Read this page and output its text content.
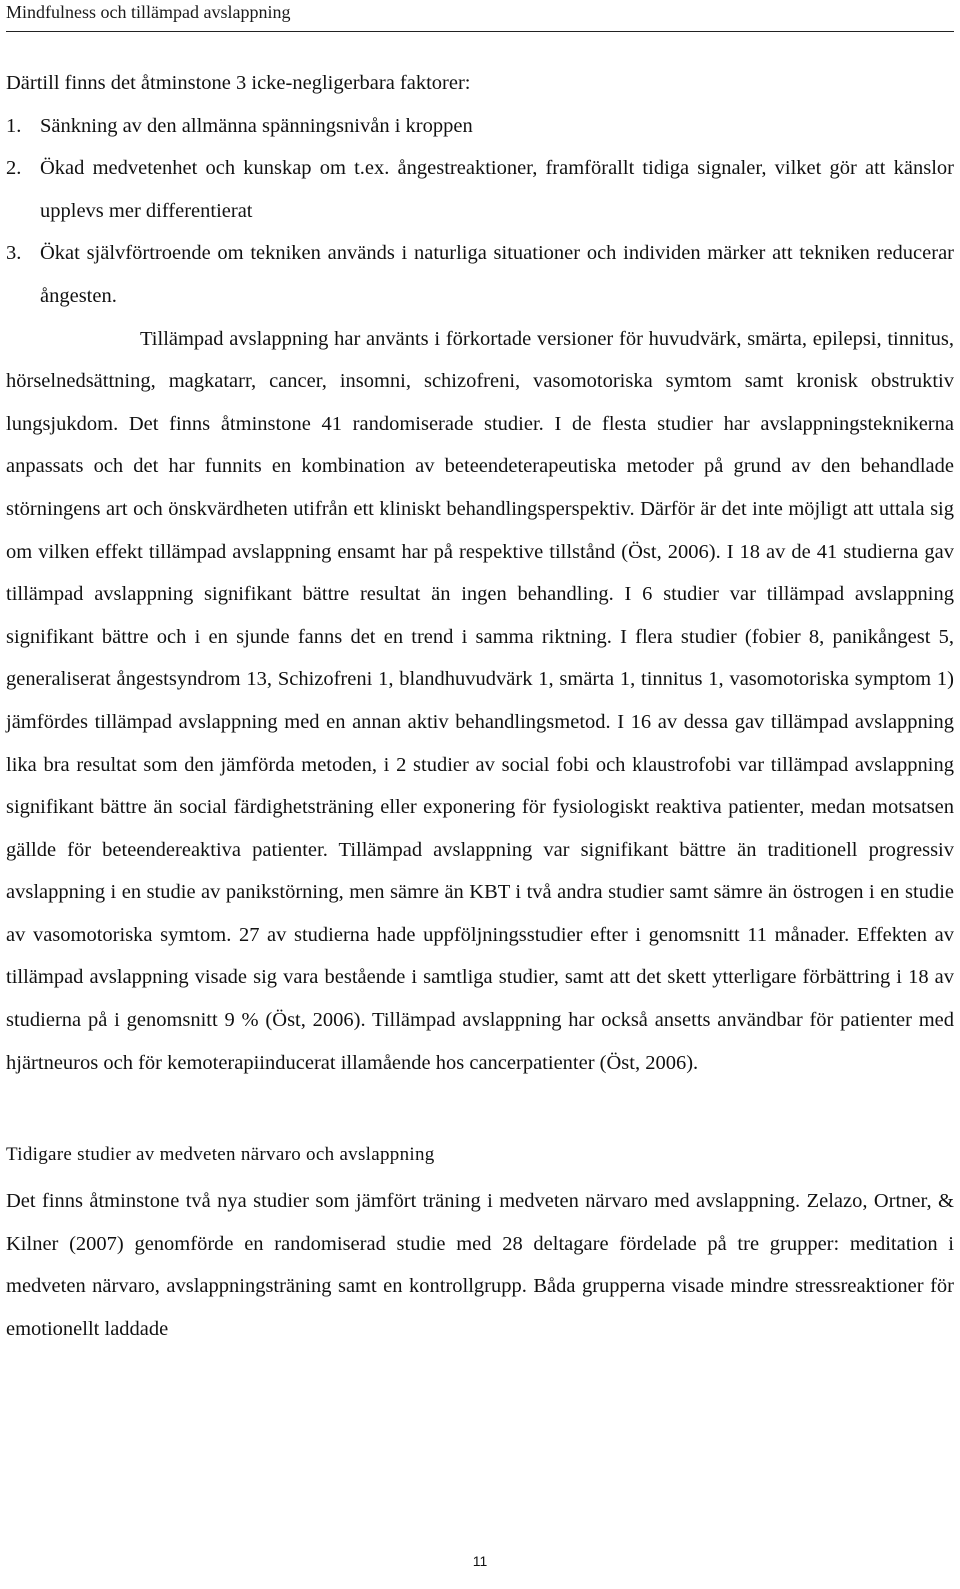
Mindfulness och tillämpad avslappning

Därtill finns det åtminstone 3 icke-negligerbara faktorer:

1. Sänkning av den allmänna spänningsnivån i kroppen
2. Ökad medvetenhet och kunskap om t.ex. ångestreaktioner, framförallt tidiga signaler, vilket gör att känslor upplevs mer differentierat
3. Ökat självförtroende om tekniken används i naturliga situationer och individen märker att tekniken reducerar ångesten.

Tillämpad avslappning har använts i förkortade versioner för huvudvärk, smärta, epilepsi, tinnitus, hörselnedsättning, magkatarr, cancer, insomni, schizofreni, vasomotoriska symtom samt kronisk obstruktiv lungsjukdom. Det finns åtminstone 41 randomiserade studier. I de flesta studier har avslappningsteknikerna anpassats och det har funnits en kombination av beteendeterapeutiska metoder på grund av den behandlade störningens art och önskvärdheten utifrån ett kliniskt behandlingsperspektiv. Därför är det inte möjligt att uttala sig om vilken effekt tillämpad avslappning ensamt har på respektive tillstånd (Öst, 2006). I 18 av de 41 studierna gav tillämpad avslappning signifikant bättre resultat än ingen behandling. I 6 studier var tillämpad avslappning signifikant bättre och i en sjunde fanns det en trend i samma riktning. I flera studier (fobier 8, panikångest 5, generaliserat ångestsyndrom 13, Schizofreni 1, blandhuvudvärk 1, smärta 1, tinnitus 1, vasomotoriska symptom 1) jämfördes tillämpad avslappning med en annan aktiv behandlingsmetod. I 16 av dessa gav tillämpad avslappning lika bra resultat som den jämförda metoden, i 2 studier av social fobi och klaustrofobi var tillämpad avslappning signifikant bättre än social färdighetsträning eller exponering för fysiologiskt reaktiva patienter, medan motsatsen gällde för beteendereaktiva patienter. Tillämpad avslappning var signifikant bättre än traditionell progressiv avslappning i en studie av panikstörning, men sämre än KBT i två andra studier samt sämre än östrogen i en studie av vasomotoriska symtom. 27 av studierna hade uppföljningsstudier efter i genomsnitt 11 månader. Effekten av tillämpad avslappning visade sig vara bestående i samtliga studier, samt att det skett ytterligare förbättring i 18 av studierna på i genomsnitt 9 % (Öst, 2006). Tillämpad avslappning har också ansetts användbar för patienter med hjärtneuros och för kemoterapiinducerat illamående hos cancerpatienter (Öst, 2006).

Tidigare studier av medveten närvaro och avslappning

Det finns åtminstone två nya studier som jämfört träning i medveten närvaro med avslappning. Zelazo, Ortner, & Kilner (2007) genomförde en randomiserad studie med 28 deltagare fördelade på tre grupper: meditation i medveten närvaro, avslappningsträning samt en kontrollgrupp. Båda grupperna visade mindre stressreaktioner för emotionellt laddade

11
